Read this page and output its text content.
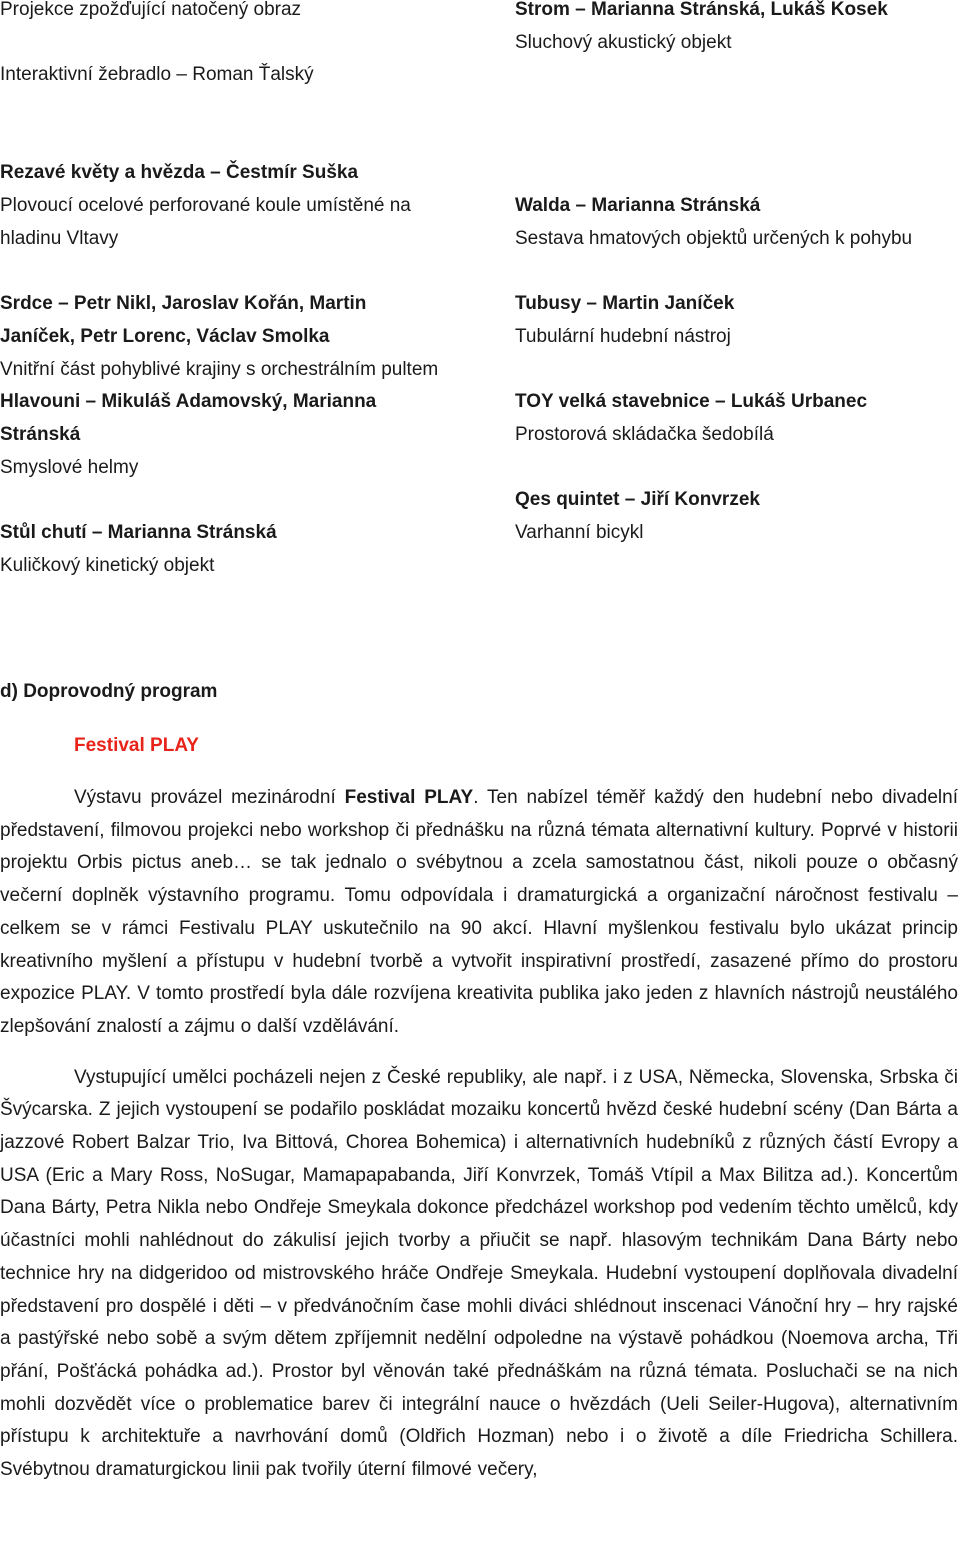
Projekce zpožďující natočený obraz
Interaktivní žebradlo – Roman Ťalský
Rezavé květy a hvězda – Čestmír Suška
Plovoucí ocelové perforované koule umístěné na hladinu Vltavy
Srdce – Petr Nikl, Jaroslav Kořán, Martin Janíček, Petr Lorenc, Václav Smolka
Vnitřní část pohyblivé krajiny s orchestrálním pultem
Hlavouni – Mikuláš Adamovský, Marianna Stránská
Smyslové helmy
Stůl chutí – Marianna Stránská
Kuličkový kinetický objekt
Strom – Marianna Stránská, Lukáš Kosek
Sluchový akustický objekt
Walda – Marianna Stránská
Sestava hmatových objektů určených k pohybu
Tubusy – Martin Janíček
Tubulární hudební nástroj
TOY velká stavebnice – Lukáš Urbanec
Prostorová skládačka šedobílá
Qes quintet – Jiří Konvrzek
Varhanní bicykl
d) Doprovodný program
Festival PLAY

Výstavu provázel mezinárodní Festival PLAY. Ten nabízel téměř každý den hudební nebo divadelní představení, filmovou projekci nebo workshop či přednášku na různá témata alternativní kultury. Poprvé v historii projektu Orbis pictus aneb… se tak jednalo o svébytnou a zcela samostatnou část, nikoli pouze o občasný večerní doplněk výstavního programu. Tomu odpovídala i dramaturgická a organizační náročnost festivalu – celkem se v rámci Festivalu PLAY uskutečnilo na 90 akcí. Hlavní myšlenkou festivalu bylo ukázat princip kreativního myšlení a přístupu v hudební tvorbě a vytvořit inspirativní prostředí, zasazené přímo do prostoru expozice PLAY. V tomto prostředí byla dále rozvíjena kreativita publika jako jeden z hlavních nástrojů neustálého zlepšování znalostí a zájmu o další vzdělávání.

Vystupující umělci pocházeli nejen z České republiky, ale např. i z USA, Německa, Slovenska, Srbska či Švýcarska. Z jejich vystoupení se podařilo poskládat mozaiku koncertů hvězd české hudební scény (Dan Bárta a jazzové Robert Balzar Trio, Iva Bittová, Chorea Bohemica) i alternativních hudebníků z různých částí Evropy a USA (Eric a Mary Ross, NoSugar, Mamapapabanda, Jiří Konvrzek, Tomáš Vtípil a Max Bilitza ad.). Koncertům Dana Bárty, Petra Nikla nebo Ondřeje Smeykala dokonce předcházel workshop pod vedením těchto umělců, kdy účastníci mohli nahlédnout do zákulisí jejich tvorby a přiučit se např. hlasovým technikám Dana Bárty nebo technice hry na didgeridoo od mistrovského hráče Ondřeje Smeykala. Hudební vystoupení doplňovala divadelní představení pro dospělé i děti – v předvánočním čase mohli diváci shlédnout inscenaci Vánoční hry – hry rajské a pastýřské nebo sobě a svým dětem zpříjemnit nedělní odpoledne na výstavě pohádkou (Noemova archa, Tři přání, Pošťácká pohádka ad.). Prostor byl věnován také přednáškám na různá témata. Posluchači se na nich mohli dozvědět více o problematice barev či integrální nauce o hvězdách (Ueli Seiler-Hugova), alternativním přístupu k architektuře a navrhování domů (Oldřich Hozman) nebo i o životě a díle Friedricha Schillera. Svébytnou dramaturgickou linii pak tvořily úterní filmové večery,
